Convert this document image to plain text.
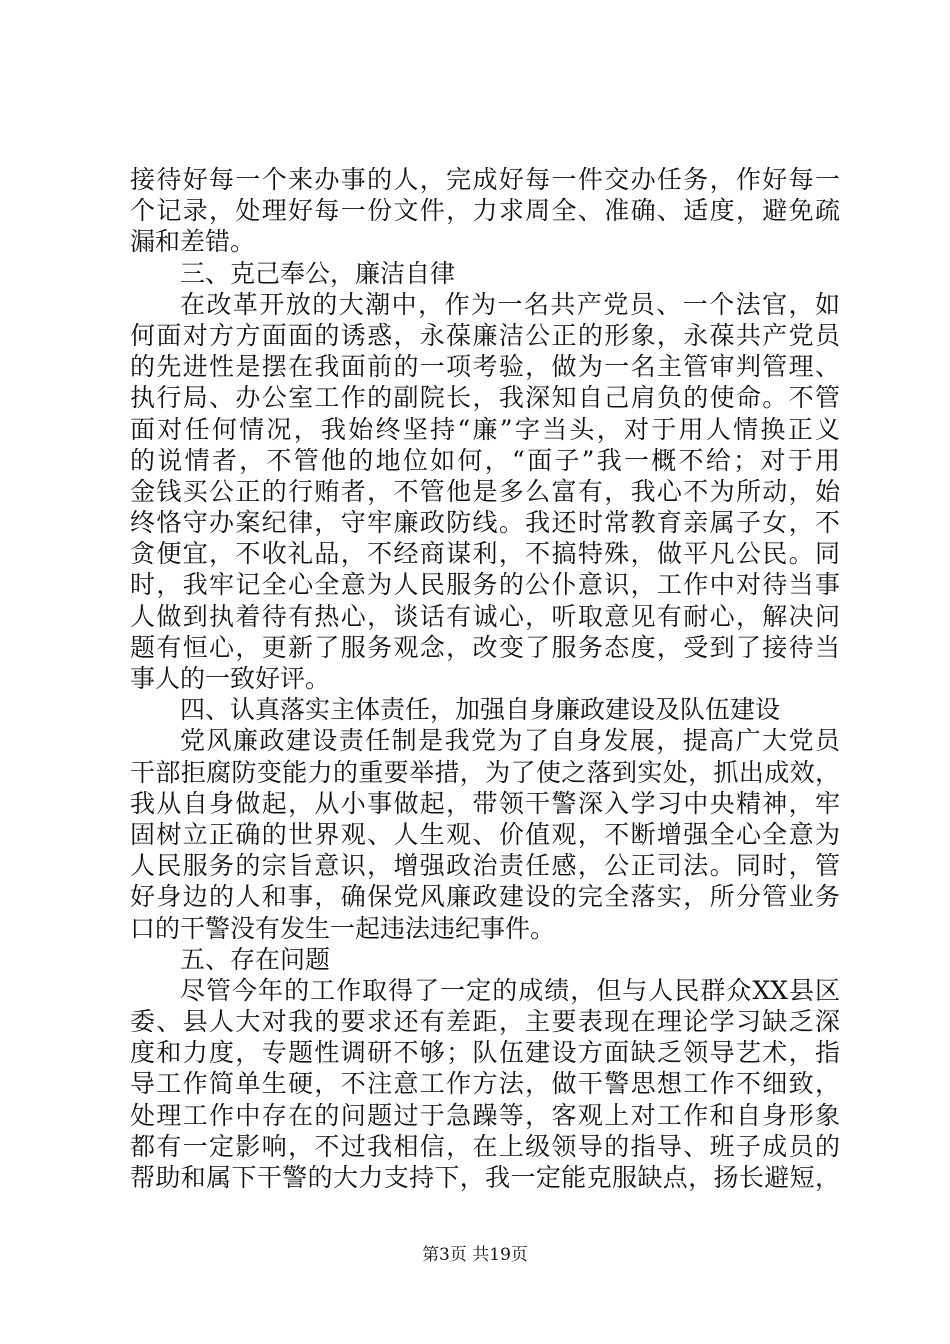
接待好每一个来办事的人，完成好每一件交办任务，作好每一
个记录，处理好每一份文件，力求周全、准确、适度，避免疏
漏和差错。
三、克己奉公，廉洁自律
在改革开放的大潮中，作为一名共产党员、一个法官，如
何面对方方面面的诱惑，永葆廉洁公正的形象，永葆共产党员
的先进性是摆在我面前的一项考验，做为一名主管审判管理、
执行局、办公室工作的副院长，我深知自己肩负的使命。不管
面对任何情况，我始终坚持“廉”字当头，对于用人情换正义
的说情者，不管他的地位如何，“面子”我一概不给；对于用
金钱买公正的行贿者，不管他是多么富有，我心不为所动，始
终恪守办案纪律，守牢廉政防线。我还时常教育亲属子女，不
贪便宜，不收礼品，不经商谋利，不搞特殊，做平凡公民。同
时，我牢记全心全意为人民服务的公仆意识，工作中对待当事
人做到执着待有热心，谈话有诚心，听取意见有耐心，解决问
题有恒心，更新了服务观念，改变了服务态度，受到了接待当
事人的一致好评。
四、认真落实主体责任，加强自身廉政建设及队伍建设
党风廉政建设责任制是我党为了自身发展，提高广大党员
干部拒腐防变能力的重要举措，为了使之落到实处，抓出成效，
我从自身做起，从小事做起，带领干警深入学习中央精神，牢
固树立正确的世界观、人生观、价值观，不断增强全心全意为
人民服务的宗旨意识，增强政治责任感，公正司法。同时，管
好身边的人和事，确保党风廉政建设的完全落实，所分管业务
口的干警没有发生一起违法违纪事件。
五、存在问题
尽管今年的工作取得了一定的成绩，但与人民群众XX县区
委、县人大对我的要求还有差距，主要表现在理论学习缺乏深
度和力度，专题性调研不够；队伍建设方面缺乏领导艺术，指
导工作简单生硬，不注意工作方法，做干警思想工作不细致，
处理工作中存在的问题过于急躁等，客观上对工作和自身形象
都有一定影响，不过我相信，在上级领导的指导、班子成员的
帮助和属下干警的大力支持下，我一定能克服缺点，扬长避短，
第3页 共19页
